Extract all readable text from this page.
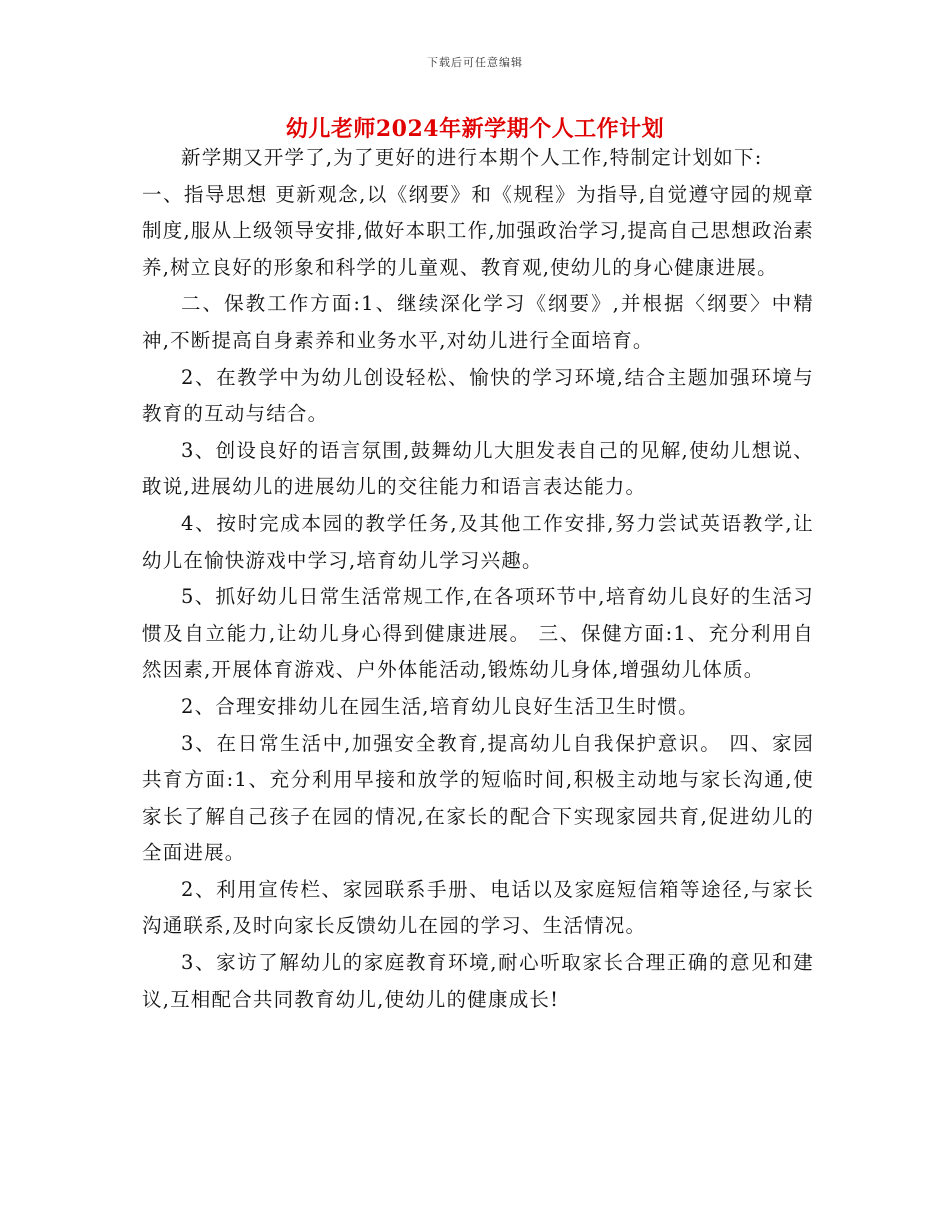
下载后可任意编辑
幼儿老师2024年新学期个人工作计划

新学期又开学了,为了更好的进行本期个人工作,特制定计划如下:

一、指导思想 更新观念,以《纲要》和《规程》为指导,自觉遵守园的规章制度,服从上级领导安排,做好本职工作,加强政治学习,提高自己思想政治素养,树立良好的形象和科学的儿童观、教育观,使幼儿的身心健康进展。

二、保教工作方面:1、继续深化学习《纲要》,并根据〈纲要〉中精神,不断提高自身素养和业务水平,对幼儿进行全面培育。

2、在教学中为幼儿创设轻松、愉快的学习环境,结合主题加强环境与教育的互动与结合。

3、创设良好的语言氛围,鼓舞幼儿大胆发表自己的见解,使幼儿想说、敢说,进展幼儿的进展幼儿的交往能力和语言表达能力。

4、按时完成本园的教学任务,及其他工作安排,努力尝试英语教学,让幼儿在愉快游戏中学习,培育幼儿学习兴趣。

5、抓好幼儿日常生活常规工作,在各项环节中,培育幼儿良好的生活习惯及自立能力,让幼儿身心得到健康进展。 三、保健方面:1、充分利用自然因素,开展体育游戏、户外体能活动,锻炼幼儿身体,增强幼儿体质。

2、合理安排幼儿在园生活,培育幼儿良好生活卫生时惯。

3、在日常生活中,加强安全教育,提高幼儿自我保护意识。 四、家园共育方面:1、充分利用早接和放学的短临时间,积极主动地与家长沟通,使家长了解自己孩子在园的情况,在家长的配合下实现家园共育,促进幼儿的全面进展。

2、利用宣传栏、家园联系手册、电话以及家庭短信箱等途径,与家长沟通联系,及时向家长反馈幼儿在园的学习、生活情况。

3、家访了解幼儿的家庭教育环境,耐心听取家长合理正确的意见和建议,互相配合共同教育幼儿,使幼儿的健康成长!
